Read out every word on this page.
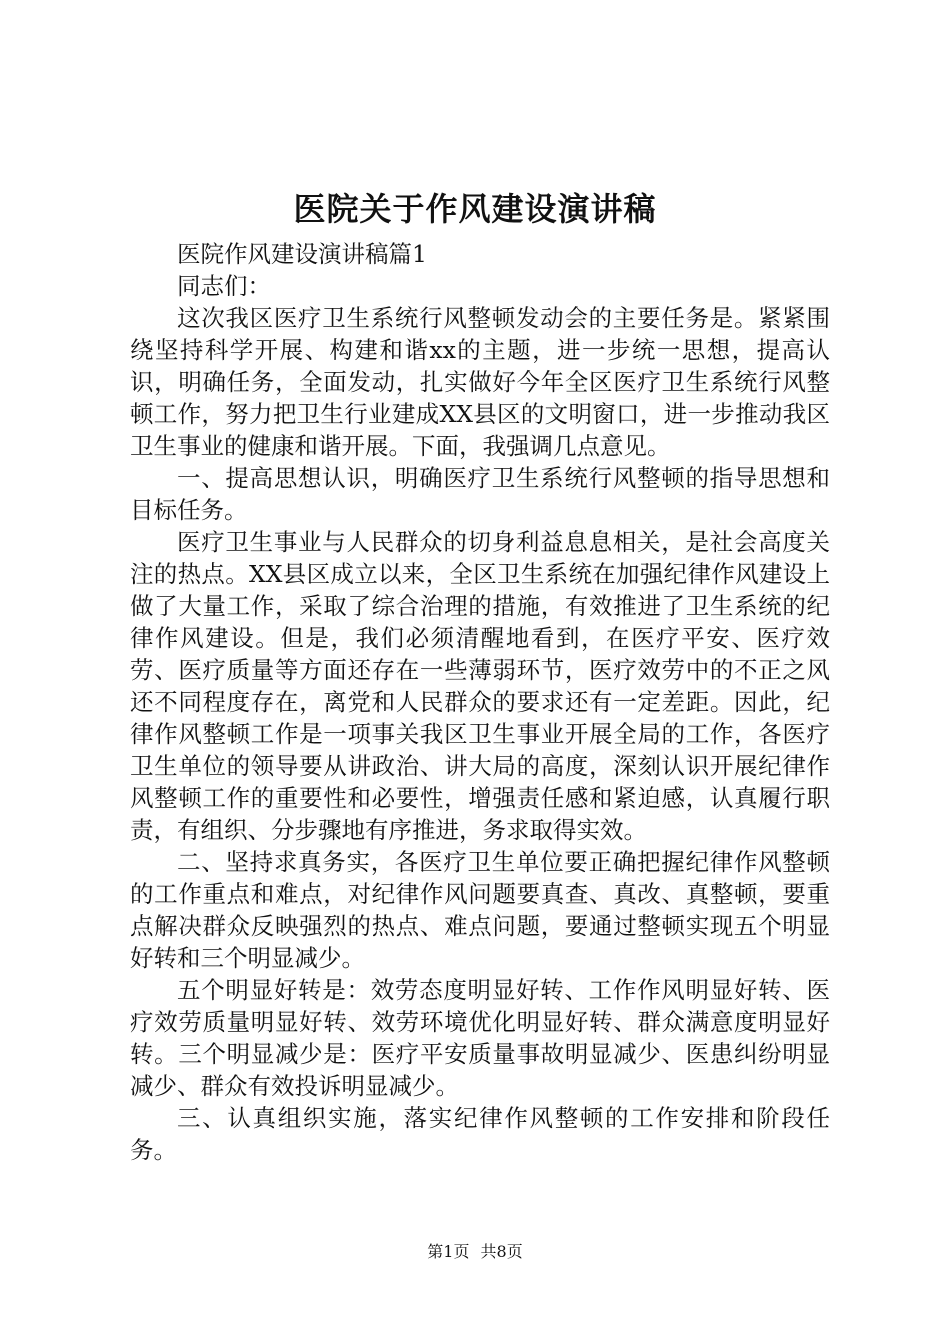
医院关于作风建设演讲稿

医院作风建设演讲稿篇1

同志们：

这次我区医疗卫生系统行风整顿发动会的主要任务是。紧紧围绕坚持科学开展、构建和谐xx的主题，进一步统一思想，提高认识，明确任务，全面发动，扎实做好今年全区医疗卫生系统行风整顿工作，努力把卫生行业建成XX县区的文明窗口，进一步推动我区卫生事业的健康和谐开展。下面，我强调几点意见。

一、提高思想认识，明确医疗卫生系统行风整顿的指导思想和目标任务。

医疗卫生事业与人民群众的切身利益息息相关，是社会高度关注的热点。XX县区成立以来，全区卫生系统在加强纪律作风建设上做了大量工作，采取了综合治理的措施，有效推进了卫生系统的纪律作风建设。但是，我们必须清醒地看到，在医疗平安、医疗效劳、医疗质量等方面还存在一些薄弱环节，医疗效劳中的不正之风还不同程度存在，离党和人民群众的要求还有一定差距。因此，纪律作风整顿工作是一项事关我区卫生事业开展全局的工作，各医疗卫生单位的领导要从讲政治、讲大局的高度，深刻认识开展纪律作风整顿工作的重要性和必要性，增强责任感和紧迫感，认真履行职责，有组织、分步骤地有序推进，务求取得实效。

二、坚持求真务实，各医疗卫生单位要正确把握纪律作风整顿的工作重点和难点，对纪律作风问题要真查、真改、真整顿，要重点解决群众反映强烈的热点、难点问题，要通过整顿实现五个明显好转和三个明显减少。

五个明显好转是：效劳态度明显好转、工作作风明显好转、医疗效劳质量明显好转、效劳环境优化明显好转、群众满意度明显好转。三个明显减少是：医疗平安质量事故明显减少、医患纠纷明显减少、群众有效投诉明显减少。

三、认真组织实施，落实纪律作风整顿的工作安排和阶段任务。

第1页 共8页
